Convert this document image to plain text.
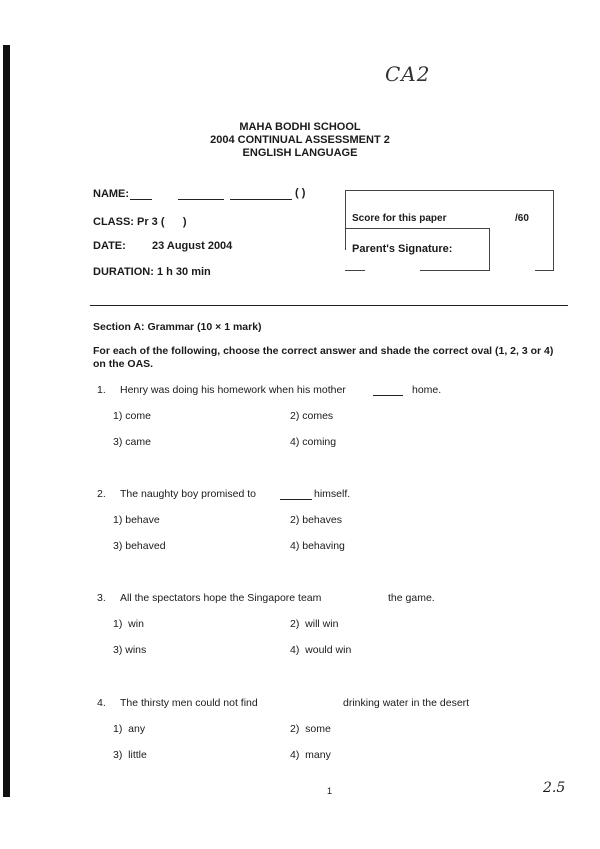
CA2
MAHA BODHI SCHOOL
2004 CONTINUAL ASSESSMENT 2
ENGLISH LANGUAGE
NAME:	( )
CLASS: Pr 3 (      )
DATE: 23 August 2004
DURATION: 1 h 30 min
Score for this paper	/60
Parent's Signature:
Section A: Grammar (10 × 1 mark)
For each of the following, choose the correct answer and shade the correct oval (1, 2, 3 or 4) on the OAS.
1. Henry was doing his homework when his mother	home.
1) come	2) comes
3) came	4) coming
2. The naughty boy promised to	himself.
1) behave	2) behaves
3) behaved	4) behaving
3. All the spectators hope the Singapore team	the game.
1)  win	2)  will win
3) wins	4)  would win
4. The thirsty men could not find	drinking water in the desert
1)  any	2)  some
3)  little	4)  many
1	2.5
